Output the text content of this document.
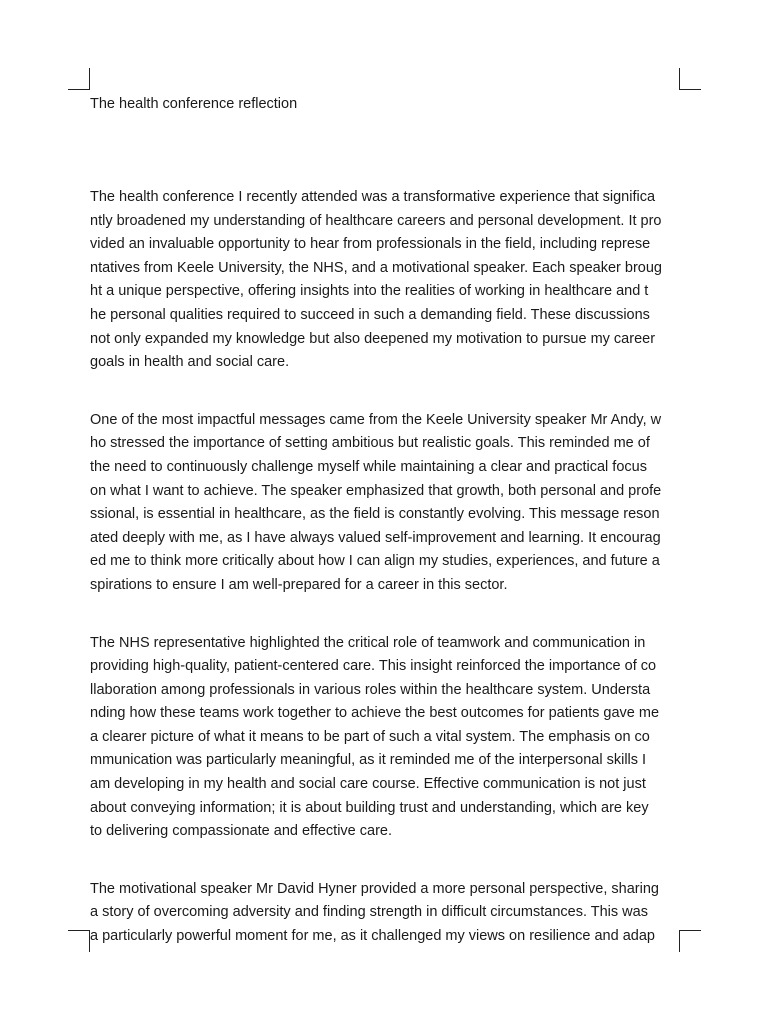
The health conference reflection

The health conference I recently attended was a transformative experience that significa
ntly broadened my understanding of healthcare careers and personal development. It pro
vided an invaluable opportunity to hear from professionals in the field, including represe
ntatives from Keele University, the NHS, and a motivational speaker. Each speaker broug
ht a unique perspective, offering insights into the realities of working in healthcare and t
he personal qualities required to succeed in such a demanding field. These discussions
not only expanded my knowledge but also deepened my motivation to pursue my career
goals in health and social care.

One of the most impactful messages came from the Keele University speaker Mr Andy, w
ho stressed the importance of setting ambitious but realistic goals. This reminded me of
the need to continuously challenge myself while maintaining a clear and practical focus
on what I want to achieve. The speaker emphasized that growth, both personal and profe
ssional, is essential in healthcare, as the field is constantly evolving. This message reson
ated deeply with me, as I have always valued self-improvement and learning. It encourag
ed me to think more critically about how I can align my studies, experiences, and future a
spirations to ensure I am well-prepared for a career in this sector.

The NHS representative highlighted the critical role of teamwork and communication in
providing high-quality, patient-centered care. This insight reinforced the importance of co
llaboration among professionals in various roles within the healthcare system. Understa
nding how these teams work together to achieve the best outcomes for patients gave me
a clearer picture of what it means to be part of such a vital system. The emphasis on co
mmunication was particularly meaningful, as it reminded me of the interpersonal skills I
am developing in my health and social care course. Effective communication is not just
about conveying information; it is about building trust and understanding, which are key
to delivering compassionate and effective care.

The motivational speaker Mr David Hyner provided a more personal perspective, sharing
a story of overcoming adversity and finding strength in difficult circumstances. This was
a particularly powerful moment for me, as it challenged my views on resilience and adap
